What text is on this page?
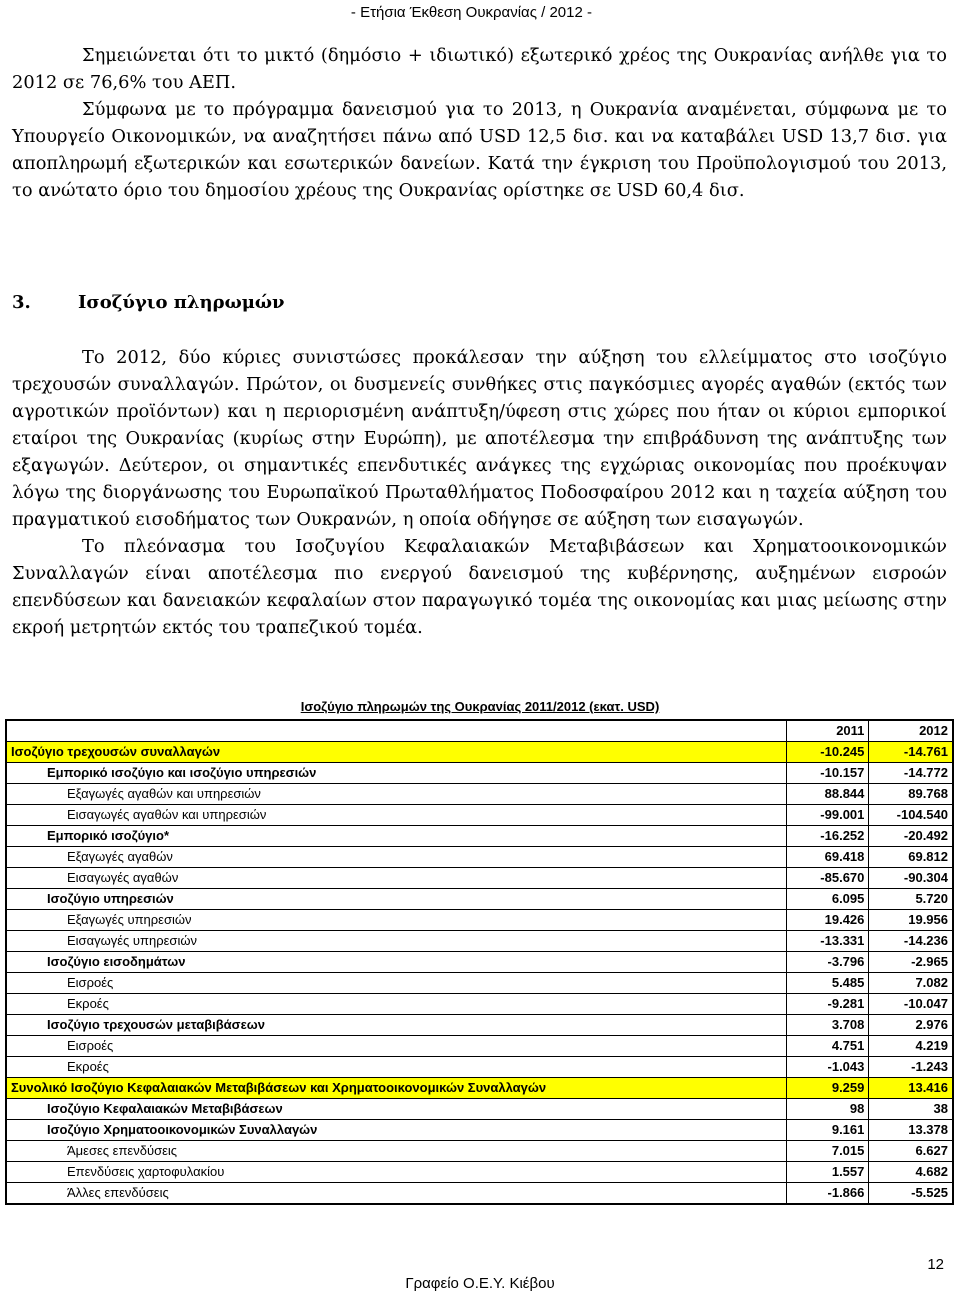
- Ετήσια Έκθεση Ουκρανίας / 2012 -
Σημειώνεται ότι το μικτό (δημόσιο + ιδιωτικό) εξωτερικό χρέος της Ουκρανίας ανήλθε για το 2012 σε 76,6% του ΑΕΠ.
Σύμφωνα με το πρόγραμμα δανεισμού για το 2013, η Ουκρανία αναμένεται, σύμφωνα με το Υπουργείο Οικονομικών, να αναζητήσει πάνω από USD 12,5 δισ. και να καταβάλει USD 13,7 δισ. για αποπληρωμή εξωτερικών και εσωτερικών δανείων. Κατά την έγκριση του Προϋπολογισμού του 2013, το ανώτατο όριο του δημοσίου χρέους της Ουκρανίας ορίστηκε σε USD 60,4 δισ.
3.	Ισοζύγιο πληρωμών
Το 2012, δύο κύριες συνιστώσες προκάλεσαν την αύξηση του ελλείμματος στο ισοζύγιο τρεχουσών συναλλαγών. Πρώτον, οι δυσμενείς συνθήκες στις παγκόσμιες αγορές αγαθών (εκτός των αγροτικών προϊόντων) και η περιορισμένη ανάπτυξη/ύφεση στις χώρες που ήταν οι κύριοι εμπορικοί εταίροι της Ουκρανίας (κυρίως στην Ευρώπη), με αποτέλεσμα την επιβράδυνση της ανάπτυξης των εξαγωγών. Δεύτερον, οι σημαντικές επενδυτικές ανάγκες της εγχώριας οικονομίας που προέκυψαν λόγω της διοργάνωσης του Ευρωπαϊκού Πρωταθλήματος Ποδοσφαίρου 2012 και η ταχεία αύξηση του πραγματικού εισοδήματος των Ουκρανών, η οποία οδήγησε σε αύξηση των εισαγωγών.
Το πλεόνασμα του Ισοζυγίου Κεφαλαιακών Μεταβιβάσεων και Χρηματοοικονομικών Συναλλαγών είναι αποτέλεσμα πιο ενεργού δανεισμού της κυβέρνησης, αυξημένων εισροών επενδύσεων και δανειακών κεφαλαίων στον παραγωγικό τομέα της οικονομίας και μιας μείωσης στην εκροή μετρητών εκτός του τραπεζικού τομέα.
Ισοζύγιο πληρωμών της Ουκρανίας 2011/2012 (εκατ. USD)
	2011	2012
Ισοζύγιο τρεχουσών συναλλαγών	-10.245	-14.761
Εμπορικό ισοζύγιο και ισοζύγιο υπηρεσιών	-10.157	-14.772
Εξαγωγές αγαθών και υπηρεσιών	88.844	89.768
Εισαγωγές αγαθών και υπηρεσιών	-99.001	-104.540
Εμπορικό ισοζύγιο*	-16.252	-20.492
Εξαγωγές αγαθών	69.418	69.812
Εισαγωγές αγαθών	-85.670	-90.304
Ισοζύγιο υπηρεσιών	6.095	5.720
Εξαγωγές υπηρεσιών	19.426	19.956
Εισαγωγές υπηρεσιών	-13.331	-14.236
Ισοζύγιο εισοδημάτων	-3.796	-2.965
Εισροές	5.485	7.082
Εκροές	-9.281	-10.047
Ισοζύγιο τρεχουσών μεταβιβάσεων	3.708	2.976
Εισροές	4.751	4.219
Εκροές	-1.043	-1.243
Συνολικό Ισοζύγιο Κεφαλαιακών Μεταβιβάσεων και Χρηματοοικονομικών Συναλλαγών	9.259	13.416
Ισοζύγιο Κεφαλαιακών Μεταβιβάσεων	98	38
Ισοζύγιο Χρηματοοικονομικών Συναλλαγών	9.161	13.378
Άμεσες επενδύσεις	7.015	6.627
Επενδύσεις χαρτοφυλακίου	1.557	4.682
Άλλες επενδύσεις	-1.866	-5.525
12
Γραφείο Ο.Ε.Υ. Κιέβου
